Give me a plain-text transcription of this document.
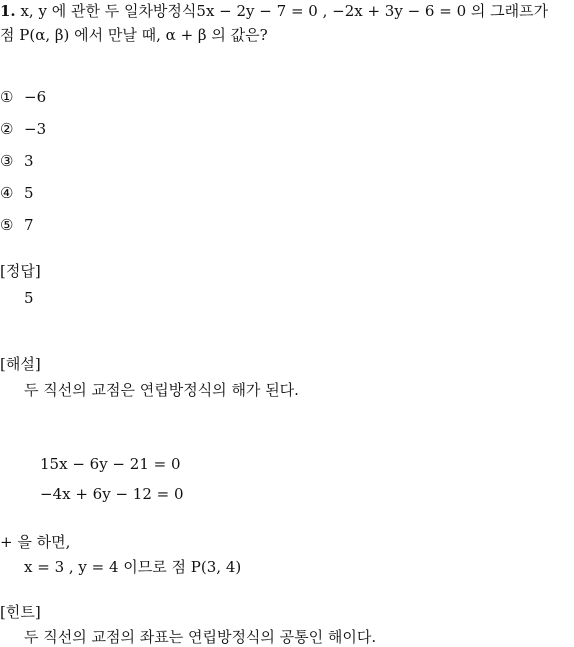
1. x, y 에 관한 두 일차방정식5x − 2y − 7 = 0 , −2x + 3y − 6 = 0 의 그래프가
점 P(α, β) 에서 만날 때, α + β 의 값은?
① −6
② −3
③ 3
④ 5
⑤ 7
[정답]
5
[해설]
두 직선의 교점은 연립방정식의 해가 된다.
15x − 6y − 21 = 0
−4x + 6y − 12 = 0
+ 을 하면,
x = 3 , y = 4 이므로 점 P(3, 4)
[힌트]
두 직선의 교점의 좌표는 연립방정식의 공통인 해이다.
